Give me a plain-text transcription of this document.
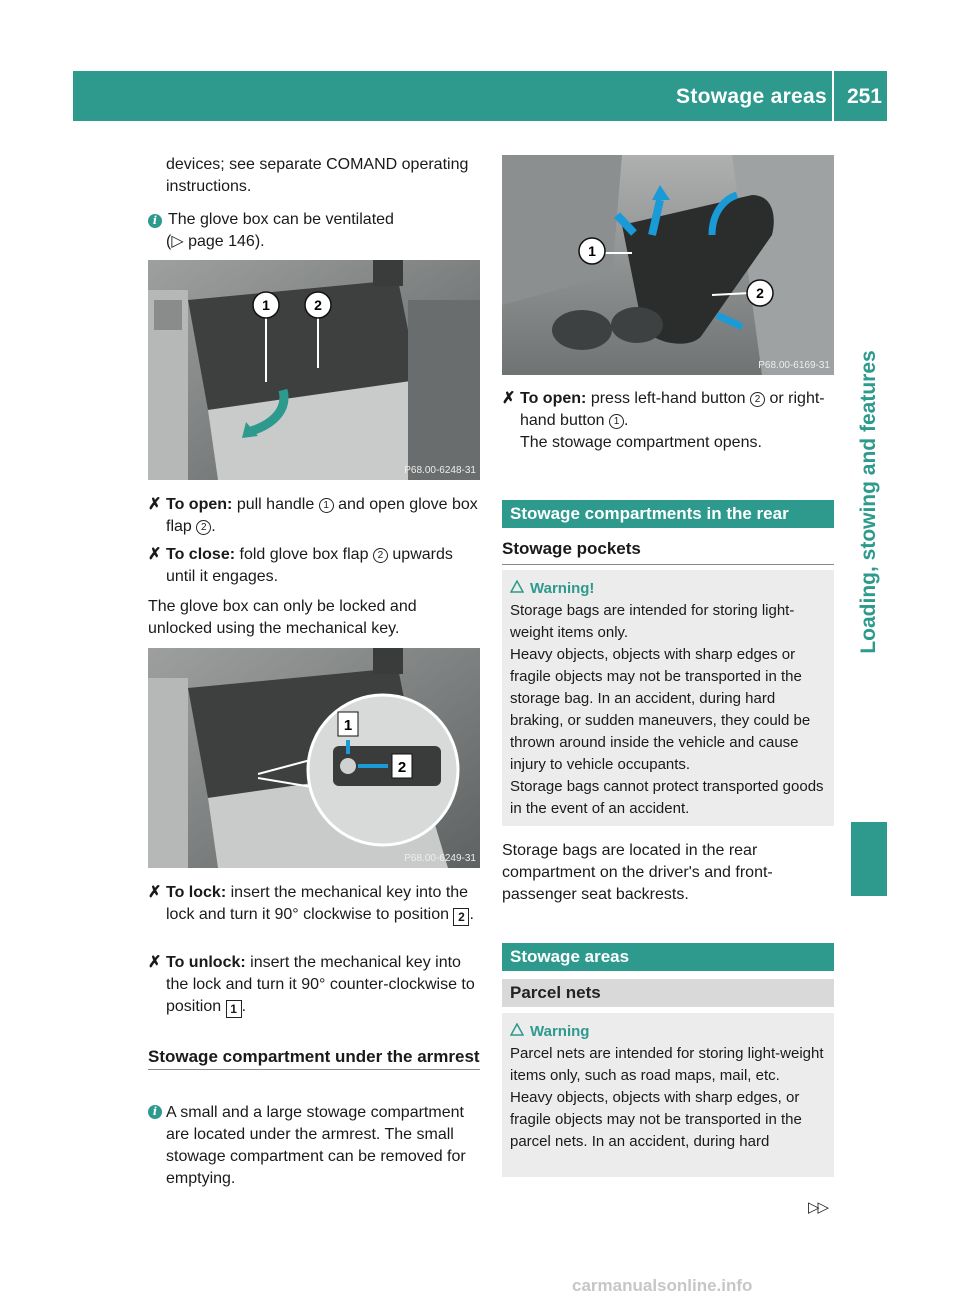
Stowage areas 251
Loading, stowing and features
devices; see separate COMAND operating instructions.
i The glove box can be ventilated
(▷ page 146).
1	2
P68.00-6248-31
✗ To open: pull handle 1 and open glove box flap 2 .
✗ To close: fold glove box flap 2 upwards until it engages.
The glove box can only be locked and unlocked using the mechanical key.
1
2
P68.00-6249-31
✗ To lock: insert the mechanical key into the lock and turn it 90° clockwise to position 2 .
✗ To unlock: insert the mechanical key into the lock and turn it 90° counter-clockwise to position 1 .
Stowage compartment under the armrest
i A small and a large stowage compartment are located under the armrest. The small stowage compartment can be removed for emptying.
1
2
P68.00-6169-31
✗ To open: press left-hand button 2 or right-hand button 1 .
The stowage compartment opens.
Stowage compartments in the rear
Stowage pockets
Warning!
Storage bags are intended for storing light-weight items only.
Heavy objects, objects with sharp edges or fragile objects may not be transported in the storage bag. In an accident, during hard braking, or sudden maneuvers, they could be thrown around inside the vehicle and cause injury to vehicle occupants.
Storage bags cannot protect transported goods in the event of an accident.
Storage bags are located in the rear compartment on the driver's and front-passenger seat backrests.
Stowage areas
Parcel nets
Warning
Parcel nets are intended for storing light-weight items only, such as road maps, mail, etc.
Heavy objects, objects with sharp edges, or fragile objects may not be transported in the parcel nets. In an accident, during hard
▷▷
carmanualsonline.info
